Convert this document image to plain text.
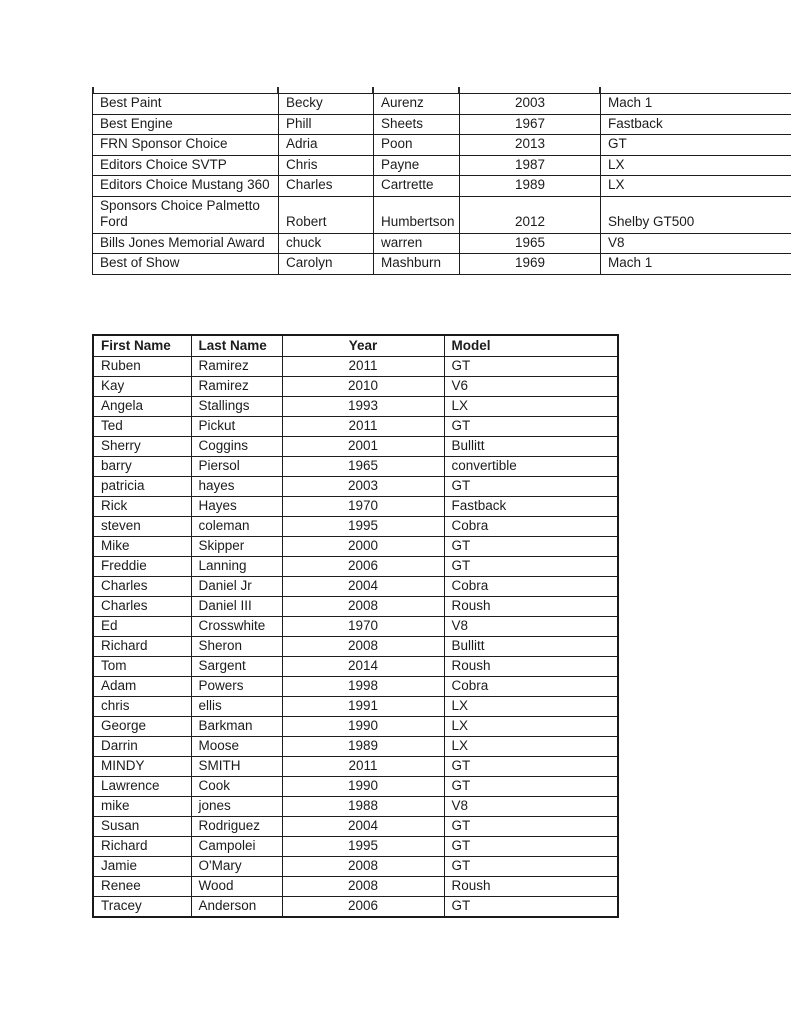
Best Paint	Becky	Aurenz	2003	Mach 1
Best Engine	Phill	Sheets	1967	Fastback
FRN Sponsor Choice	Adria	Poon	2013	GT
Editors Choice SVTP	Chris	Payne	1987	LX
Editors Choice Mustang 360	Charles	Cartrette	1989	LX
Sponsors Choice Palmetto Ford	Robert	Humbertson	2012	Shelby GT500
Bills Jones Memorial Award	chuck	warren	1965	V8
Best of Show	Carolyn	Mashburn	1969	Mach 1
First Name	Last Name	Year	Model
Ruben	Ramirez	2011	GT
Kay	Ramirez	2010	V6
Angela	Stallings	1993	LX
Ted	Pickut	2011	GT
Sherry	Coggins	2001	Bullitt
barry	Piersol	1965	convertible
patricia	hayes	2003	GT
Rick	Hayes	1970	Fastback
steven	coleman	1995	Cobra
Mike	Skipper	2000	GT
Freddie	Lanning	2006	GT
Charles	Daniel Jr	2004	Cobra
Charles	Daniel III	2008	Roush
Ed	Crosswhite	1970	V8
Richard	Sheron	2008	Bullitt
Tom	Sargent	2014	Roush
Adam	Powers	1998	Cobra
chris	ellis	1991	LX
George	Barkman	1990	LX
Darrin	Moose	1989	LX
MINDY	SMITH	2011	GT
Lawrence	Cook	1990	GT
mike	jones	1988	V8
Susan	Rodriguez	2004	GT
Richard	Campolei	1995	GT
Jamie	O'Mary	2008	GT
Renee	Wood	2008	Roush
Tracey	Anderson	2006	GT
